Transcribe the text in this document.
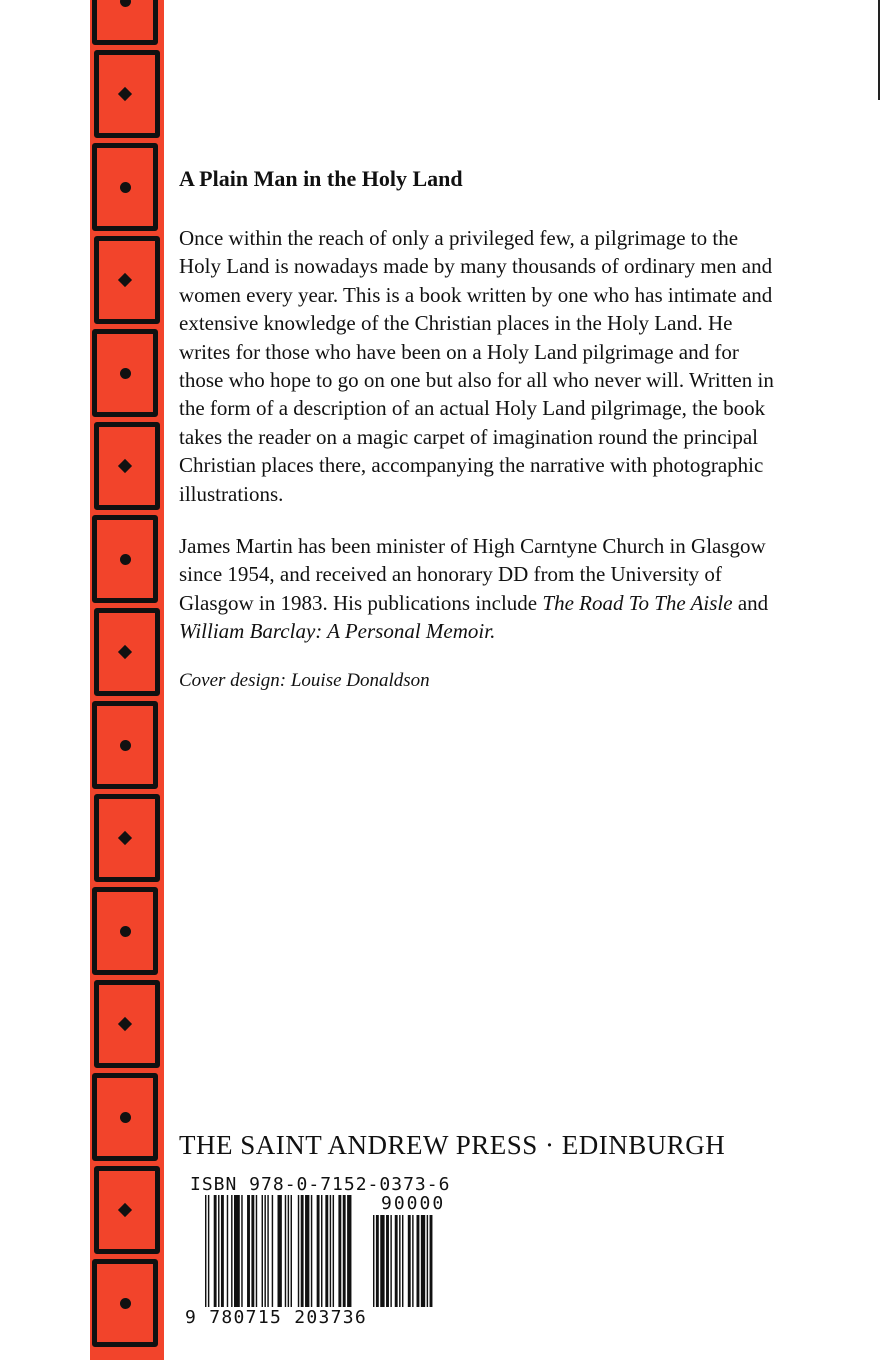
A Plain Man in the Holy Land

Once within the reach of only a privileged few, a pilgrimage to the Holy Land is nowadays made by many thousands of ordinary men and women every year. This is a book written by one who has intimate and extensive knowledge of the Christian places in the Holy Land. He writes for those who have been on a Holy Land pilgrimage and for those who hope to go on one but also for all who never will. Written in the form of a description of an actual Holy Land pilgrimage, the book takes the reader on a magic carpet of imagination round the principal Christian places there, accompanying the narrative with photographic illustrations.

James Martin has been minister of High Carntyne Church in Glasgow since 1954, and received an honorary DD from the University of Glasgow in 1983. His publications include The Road To The Aisle and William Barclay: A Personal Memoir.

Cover design: Louise Donaldson
THE SAINT ANDREW PRESS · EDINBURGH
ISBN 978-0-7152-0373-6
90000
9 780715 203736
